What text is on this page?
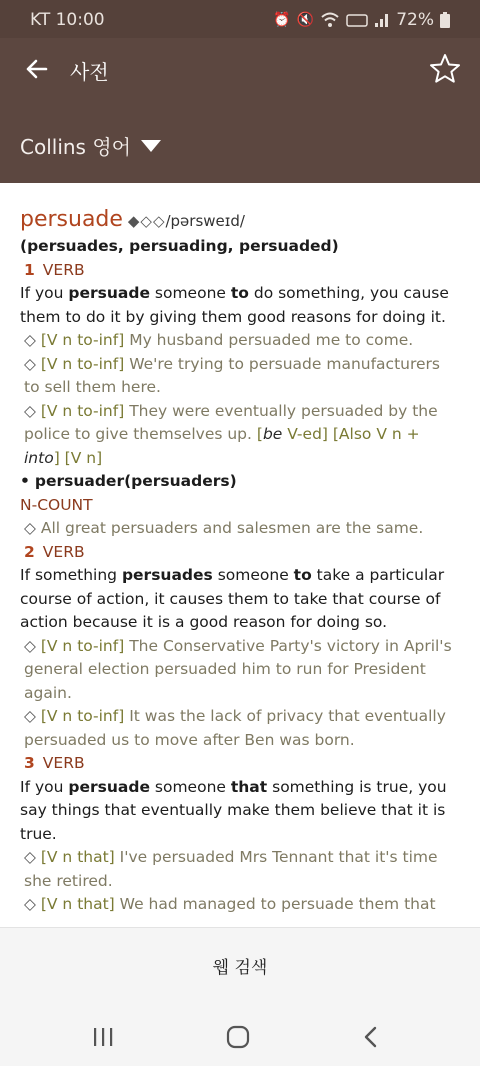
KT 10:00	⏰ 🔇	72%
사전
Collins 영어
persuade ◆◇◇/pərsweɪd/
(persuades, persuading, persuaded)
1 VERB
If you persuade someone to do something, you cause them to do it by giving them good reasons for doing it.
◇ [V n to-inf] My husband persuaded me to come.
◇ [V n to-inf] We're trying to persuade manufacturers to sell them here.
◇ [V n to-inf] They were eventually persuaded by the police to give themselves up. [be V-ed] [Also V n + into] [V n]
• persuader(persuaders)
N-COUNT
◇ All great persuaders and salesmen are the same.
2 VERB
If something persuades someone to take a particular course of action, it causes them to take that course of action because it is a good reason for doing so.
◇ [V n to-inf] The Conservative Party's victory in April's general election persuaded him to run for President again.
◇ [V n to-inf] It was the lack of privacy that eventually persuaded us to move after Ben was born.
3 VERB
If you persuade someone that something is true, you say things that eventually make them believe that it is true.
◇ [V n that] I've persuaded Mrs Tennant that it's time she retired.
◇ [V n that] We had managed to persuade them that
웹 검색
